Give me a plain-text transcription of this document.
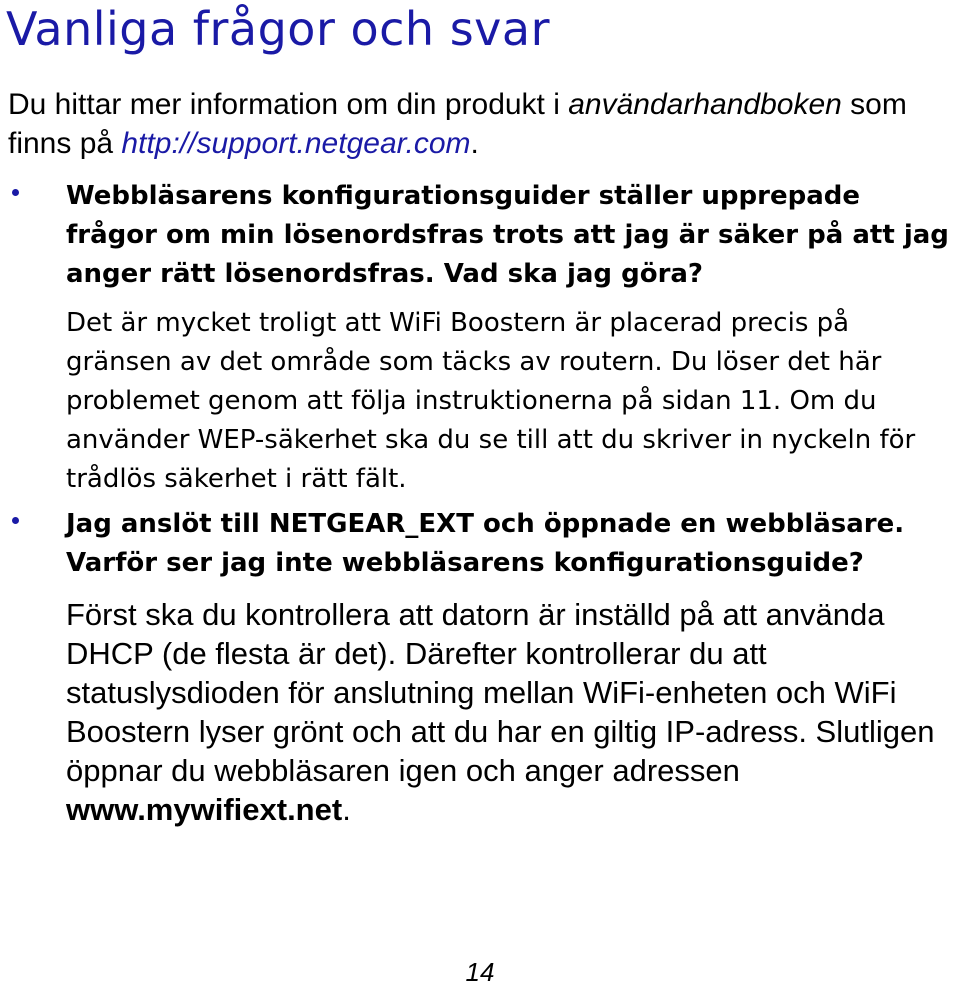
Vanliga frågor och svar

Du hittar mer information om din produkt i användarhandboken som finns på http://support.netgear.com.

Webbläsarens konfigurationsguider ställer upprepade frågor om min lösenordsfras trots att jag är säker på att jag anger rätt lösenordsfras. Vad ska jag göra?

Det är mycket troligt att WiFi Boostern är placerad precis på gränsen av det område som täcks av routern. Du löser det här problemet genom att följa instruktionerna på sidan 11. Om du använder WEP-säkerhet ska du se till att du skriver in nyckeln för trådlös säkerhet i rätt fält.

Jag anslöt till NETGEAR_EXT och öppnade en webbläsare. Varför ser jag inte webbläsarens konfigurationsguide?

Först ska du kontrollera att datorn är inställd på att använda DHCP (de flesta är det). Därefter kontrollerar du att statuslysdioden för anslutning mellan WiFi-enheten och WiFi Boostern lyser grönt och att du har en giltig IP-adress. Slutligen öppnar du webbläsaren igen och anger adressen www.mywifiext.net.

14
